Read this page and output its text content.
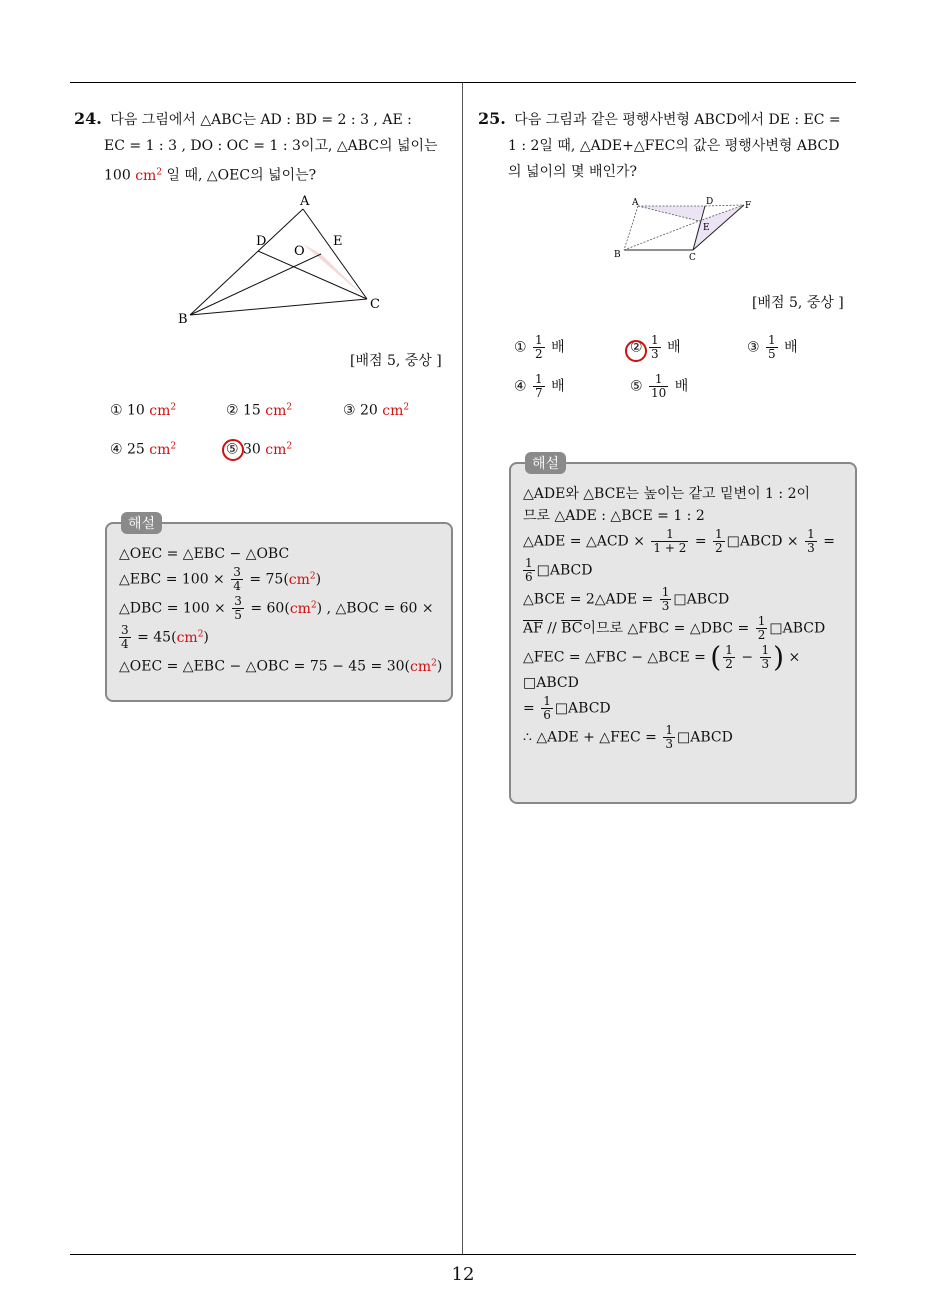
12
24. 다음 그림에서 △ABC는 AD : BD = 2 : 3 , AE :
EC = 1 : 3 , DO : OC = 1 : 3이고, △ABC의 넓이는
100 $cm^2$ 일 때, △OEC의 넓이는?
A
B
C
D	E
O
[배점 5, 중상 ]
① 10 $cm^2$	② 15 $cm^2$	③ 20 $cm^2$
④ 25 $cm^2$	⑤ 30 $cm^2$
해설
△OEC = △EBC − △OBC
△EBC = $100 \times \frac{3}{4} = 75(cm^2)$
△DBC = $100 \times \frac{3}{5} = 60(cm^2)$ , △BOC = 60 ×
$\frac{3}{4} = 45(cm^2)$
△OEC = △EBC − △OBC = $75 - 45 = 30(cm^2)$
25. 다음 그림과 같은 평행사변형 ABCD에서 DE : EC =
1 : 2일 때, △ADE+△FEC의 값은 평행사변형 ABCD
의 넓이의 몇 배인가?
A
B	C
D
E
F
[배점 5, 중상 ]
① $\frac{1}{2}$ 배	② $\frac{1}{3}$ 배	③ $\frac{1}{5}$ 배
④ $\frac{1}{7}$ 배	⑤ $\frac{1}{10}$ 배
해설
△ADE와 △BCE는 높이는 같고 밑변이 1 : 2이
므로 △ADE : △BCE = 1 : 2
△ADE = △ACD × $\frac{1}{1 + 2} = \frac{1}{2}$ □ABCD × $\frac{1}{3}$ =
$\frac{1}{6}$ □ABCD
△BCE = 2△ADE = $\frac{1}{3}$ □ABCD
$\overline{AF} // \overline{BC}$이므로 △FBC = △DBC = $\frac{1}{2}$ □ABCD
△FEC = △FBC − △BCE = ( $\frac{1}{2} - \frac{1}{3}$ ) ×
□ABCD
= $\frac{1}{6}$ □ABCD
∴ △ADE + △FEC = $\frac{1}{3}$ □ABCD
